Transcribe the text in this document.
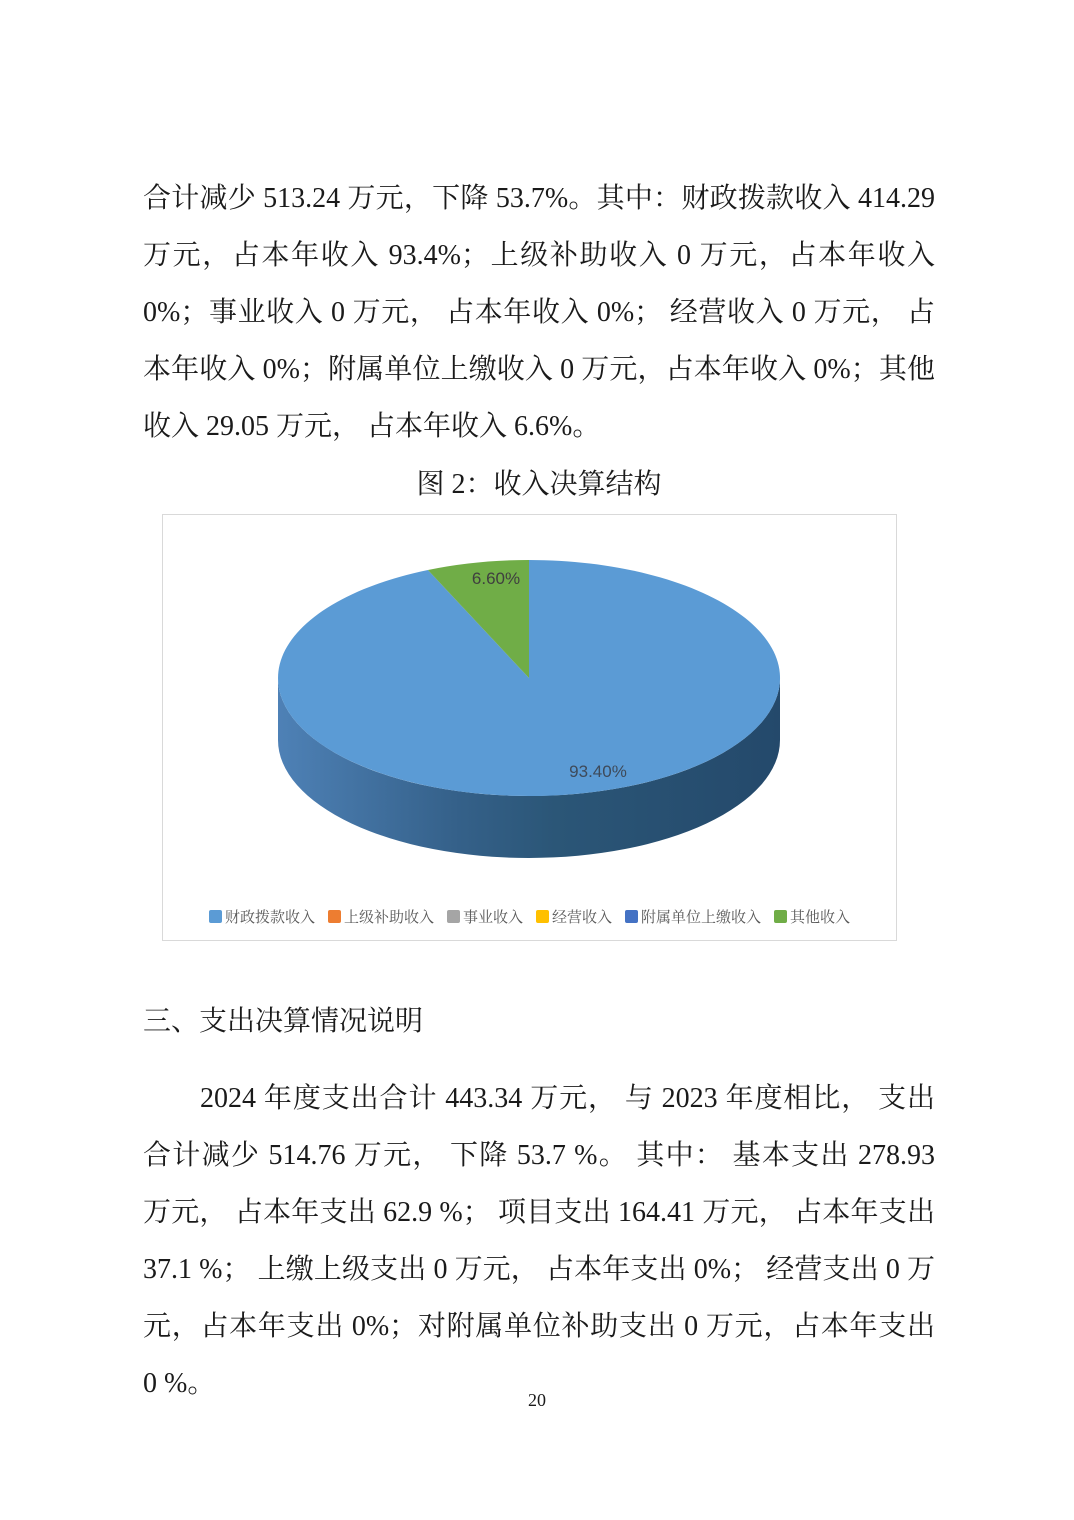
合计减少 513.24 万元，下降 53.7%。其中：财政拨款收入 414.29 万元，占本年收入 93.4%；上级补助收入 0 万元，占本年收入 0%；事业收入 0 万元， 占本年收入 0%； 经营收入 0 万元， 占本年收入 0%；附属单位上缴收入 0 万元，占本年收入 0%；其他收入 29.05 万元， 占本年收入 6.6%。

图 2：收入决算结构

6.60%
93.40%
财政拨款收入 上级补助收入 事业收入 经营收入 附属单位上缴收入 其他收入

三、支出决算情况说明

2024 年度支出合计 443.34 万元， 与 2023 年度相比， 支出合计减少 514.76 万元， 下降 53.7 %。 其中： 基本支出 278.93 万元， 占本年支出 62.9 %； 项目支出 164.41 万元， 占本年支出 37.1 %； 上缴上级支出 0 万元， 占本年支出 0%； 经营支出 0 万元，占本年支出 0%；对附属单位补助支出 0 万元，占本年支出 0 %。

20
